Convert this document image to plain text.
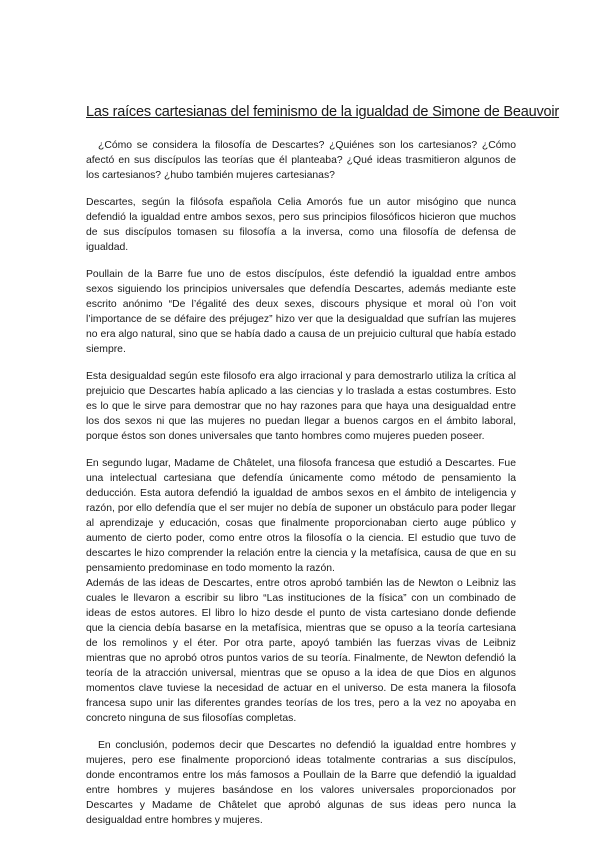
Las raíces cartesianas del feminismo de la igualdad de Simone de Beauvoir

¿Cómo se considera la filosofía de Descartes? ¿Quiénes son los cartesianos? ¿Cómo afectó en sus discípulos las teorías que él planteaba? ¿Qué ideas trasmitieron algunos de los cartesianos? ¿hubo también mujeres cartesianas?

Descartes, según la filósofa española Celia Amorós fue un autor misógino que nunca defendió la igualdad entre ambos sexos, pero sus principios filosóficos hicieron que muchos de sus discípulos tomasen su filosofía a la inversa, como una filosofía de defensa de igualdad.

Poullain de la Barre fue uno de estos discípulos, éste defendió la igualdad entre ambos sexos siguiendo los principios universales que defendía Descartes, además mediante este escrito anónimo “De l’égalité des deux sexes, discours physique et moral où l’on voit l’importance de se défaire des préjugez” hizo ver que la desigualdad que sufrían las mujeres no era algo natural, sino que se había dado a causa de un prejuicio cultural que había estado siempre.

Esta desigualdad según este filosofo era algo irracional y para demostrarlo utiliza la crítica al prejuicio que Descartes había aplicado a las ciencias y lo traslada a estas costumbres. Esto es lo que le sirve para demostrar que no hay razones para que haya una desigualdad entre los dos sexos ni que las mujeres no puedan llegar a buenos cargos en el ámbito laboral, porque éstos son dones universales que tanto hombres como mujeres pueden poseer.

En segundo lugar, Madame de Châtelet, una filosofa francesa que estudió a Descartes. Fue una intelectual cartesiana que defendía únicamente como método de pensamiento la deducción. Esta autora defendió la igualdad de ambos sexos en el ámbito de inteligencia y razón, por ello defendía que el ser mujer no debía de suponer un obstáculo para poder llegar al aprendizaje y educación, cosas que finalmente proporcionaban cierto auge público y aumento de cierto poder, como entre otros la filosofía o la ciencia. El estudio que tuvo de descartes le hizo comprender la relación entre la ciencia y la metafísica, causa de que en su pensamiento predominase en todo momento la razón.

Además de las ideas de Descartes, entre otros aprobó también las de Newton o Leibniz las cuales le llevaron a escribir su libro “Las instituciones de la física” con un combinado de ideas de estos autores. El libro lo hizo desde el punto de vista cartesiano donde defiende que la ciencia debía basarse en la metafísica, mientras que se opuso a la teoría cartesiana de los remolinos y el éter. Por otra parte, apoyó también las fuerzas vivas de Leibniz mientras que no aprobó otros puntos varios de su teoría. Finalmente, de Newton defendió la teoría de la atracción universal, mientras que se opuso a la idea de que Dios en algunos momentos clave tuviese la necesidad de actuar en el universo. De esta manera la filosofa francesa supo unir las diferentes grandes teorías de los tres, pero a la vez no apoyaba en concreto ninguna de sus filosofías completas.

En conclusión, podemos decir que Descartes no defendió la igualdad entre hombres y mujeres, pero ese finalmente proporcionó ideas totalmente contrarias a sus discípulos, donde encontramos entre los más famosos a Poullain de la Barre que defendió la igualdad entre hombres y mujeres basándose en los valores universales proporcionados por Descartes y Madame de Châtelet que aprobó algunas de sus ideas pero nunca la desigualdad entre hombres y mujeres.
